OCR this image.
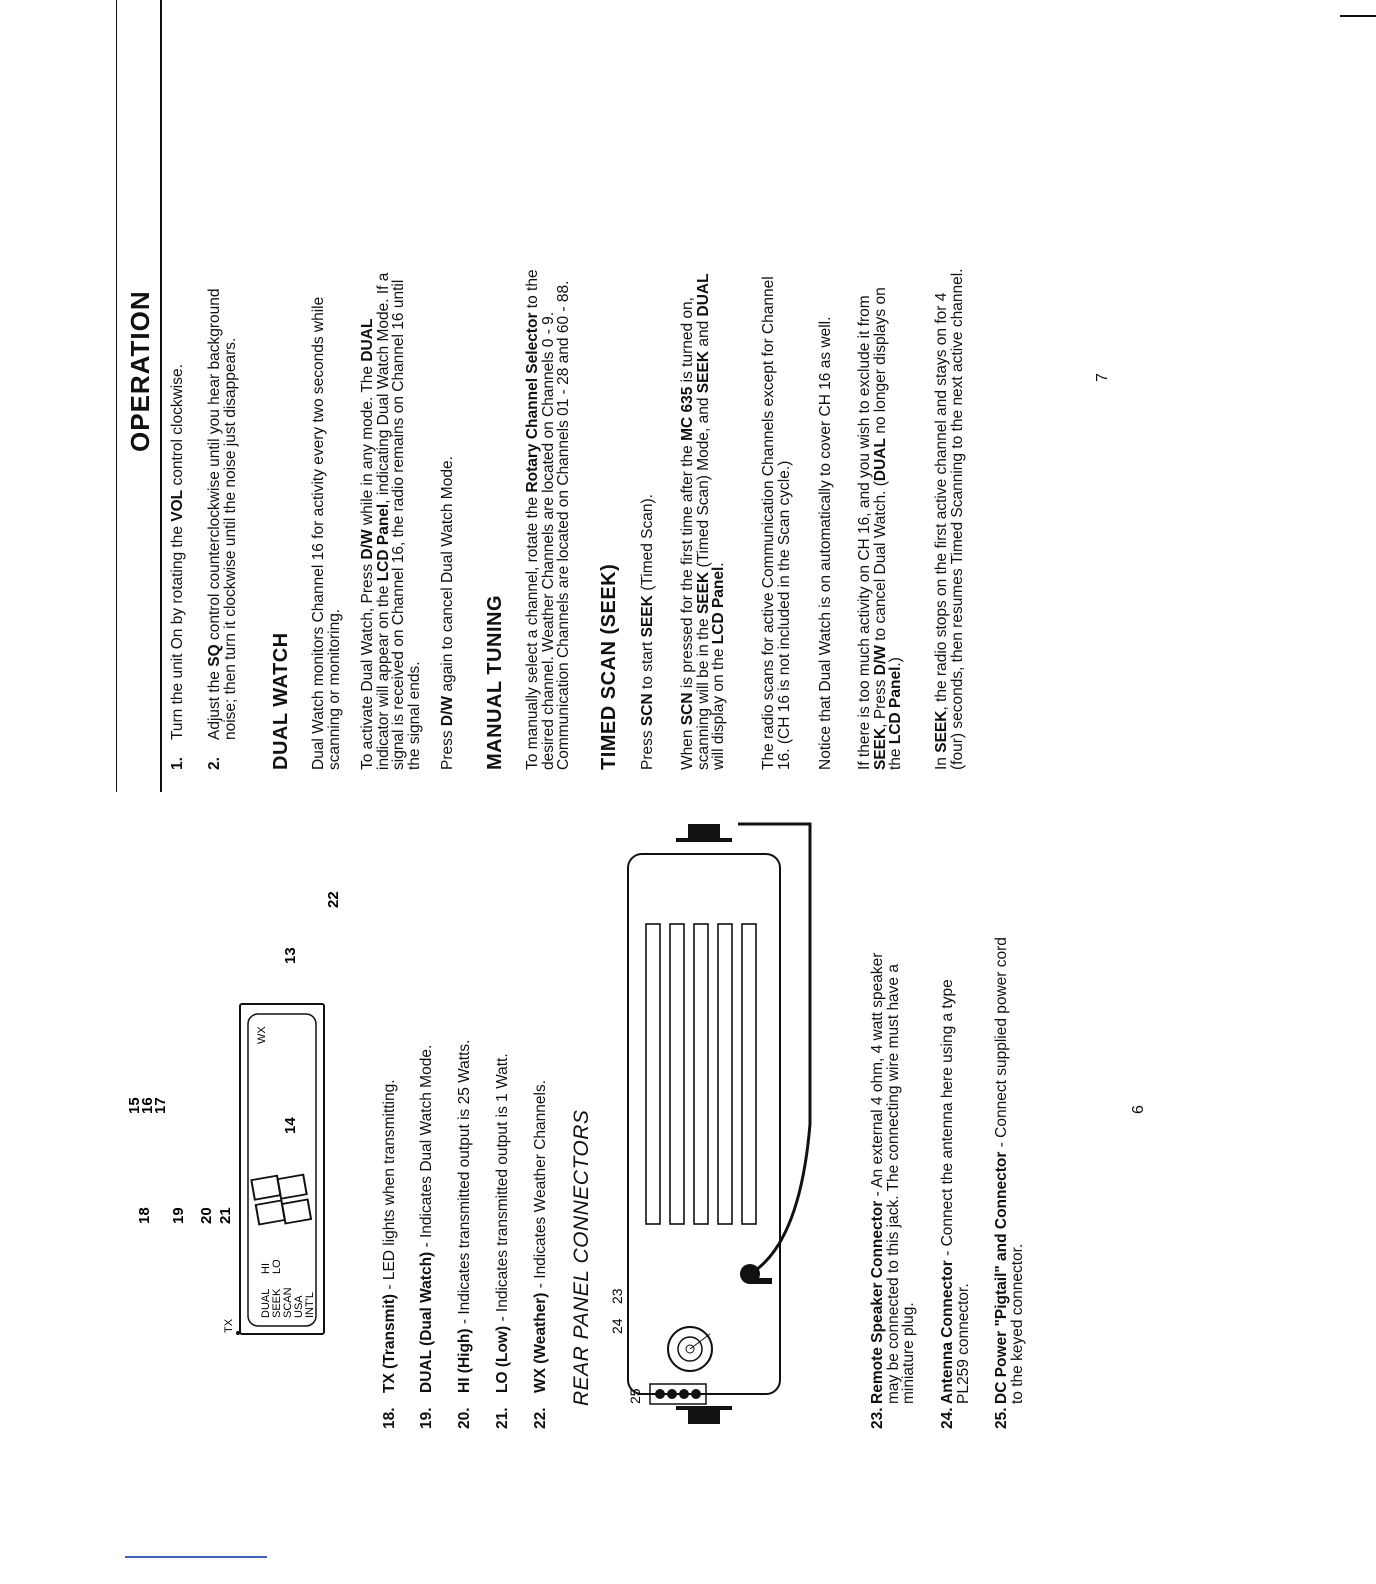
18 19 20 21
22
17
16
15
14
13
DUAL SEEK SCAN USA INT'L
HI LO
WX
TX
18.
TX (Transmit) - LED lights when transmitting.
19.
DUAL (Dual Watch) - Indicates Dual Watch Mode.
20.
HI (High) - Indicates transmitted output is 25 Watts.
21.
LO (Low) - Indicates transmitted output is 1 Watt.
22.
WX (Weather) - Indicates Weather Channels. REAR PANEL CONNECTORS 25
24
23
23.
Remote Speaker Connector - An external 4 ohm, 4 watt speaker
may be connected to this jack. The connecting wire must have a
miniature plug.
24.
Antenna Connector - Connect the antenna here using a type
PL259 connector.
25.
DC Power "Pigtail" and Connector - Connect supplied power cord
to the keyed connector.
6
OPERATION
1.
Turn the unit On by rotating the VOL control clockwise.
2.
Adjust the SQ control counterclockwise until you hear background
noise; then turn it clockwise until the noise just disappears. DUAL WATCH Dual Watch monitors Channel 16 for activity every two seconds while
scanning or monitoring. To activate Dual Watch, Press D/W while in any mode. The DUAL
indicator will appear on the LCD Panel, indicating Dual Watch Mode. If a
signal is received on Channel 16, the radio remains on Channel 16 until
the signal ends. Press D/W again to cancel Dual Watch Mode. MANUAL TUNING To manually select a channel, rotate the Rotary Channel Selector to the
desired channel. Weather Channels are located on Channels 0 - 9.
Communication Channels are located on Channels 01 - 28 and 60 - 88. TIMED SCAN (SEEK) Press SCN to start SEEK (Timed Scan).
When SCN is pressed for the first time after the MC 635 is turned on,
scanning will be in the SEEK (Timed Scan) Mode, and SEEK and DUAL
will display on the LCD Panel. The radio scans for active Communication Channels except for Channel
16. (CH 16 is not included in the Scan cycle.) Notice that Dual Watch is on automatically to cover CH 16 as well. If there is too much activity on CH 16, and you wish to exclude it from
SEEK, Press D/W to cancel Dual Watch. (DUAL no longer displays on
the LCD Panel.)
In SEEK, the radio stops on the first active channel and stays on for 4
(four) seconds, then resumes Timed Scanning to the next active channel.	7
